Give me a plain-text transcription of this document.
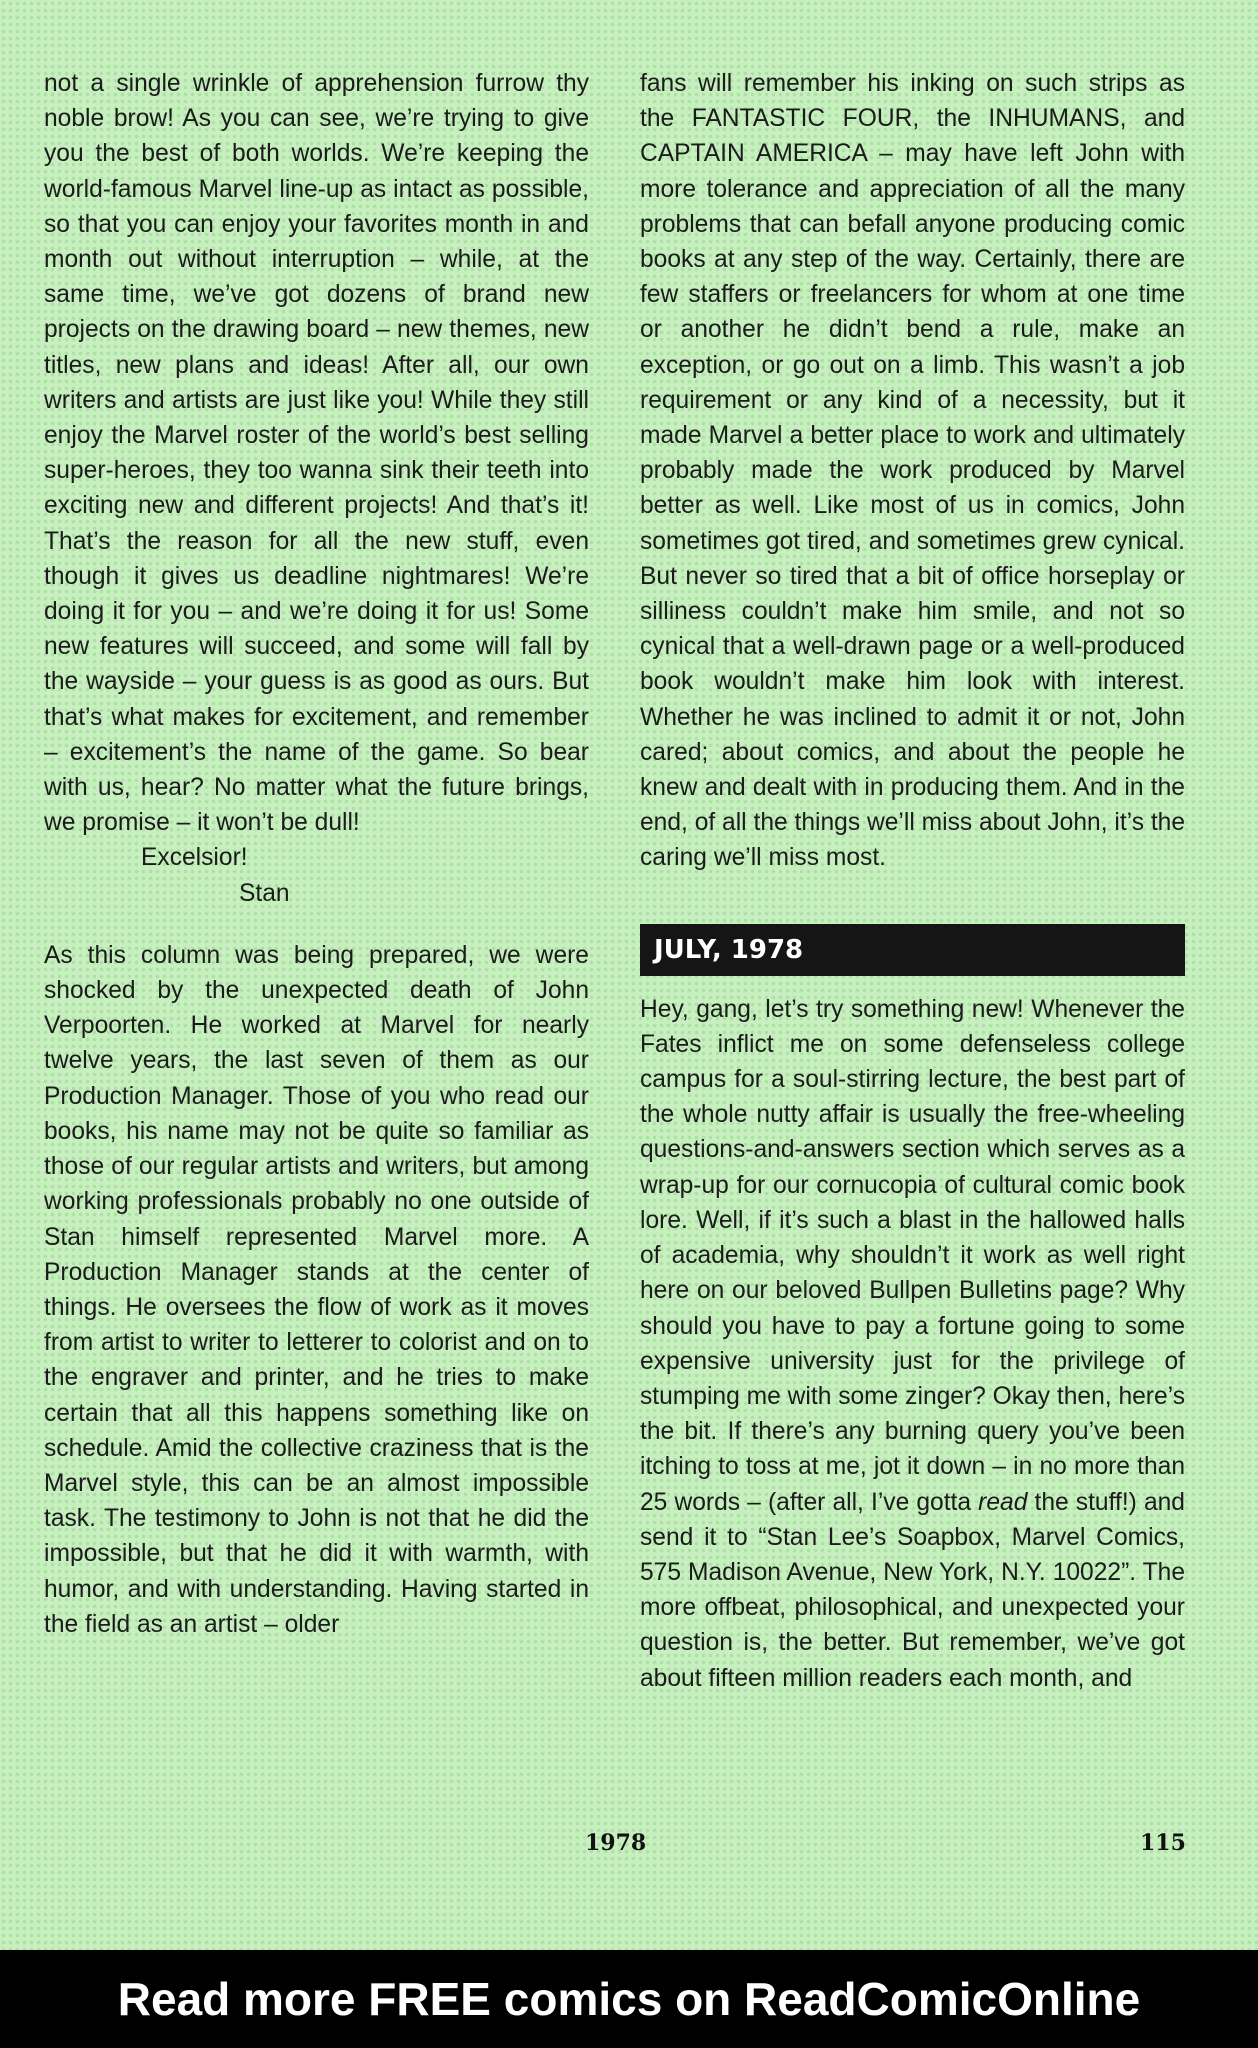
not a single wrinkle of apprehension furrow thy noble brow! As you can see, we’re trying to give you the best of both worlds. We’re keeping the world-famous Marvel line-up as intact as possible, so that you can enjoy your favorites month in and month out without interruption – while, at the same time, we’ve got dozens of brand new projects on the drawing board – new themes, new titles, new plans and ideas! After all, our own writers and artists are just like you! While they still enjoy the Marvel roster of the world’s best selling super-heroes, they too wanna sink their teeth into exciting new and different projects! And that’s it! That’s the reason for all the new stuff, even though it gives us deadline nightmares! We’re doing it for you – and we’re doing it for us! Some new features will succeed, and some will fall by the wayside – your guess is as good as ours. But that’s what makes for excitement, and remember – excitement’s the name of the game. So bear with us, hear? No matter what the future brings, we promise – it won’t be dull!

Excelsior!

Stan

As this column was being prepared, we were shocked by the unexpected death of John Verpoorten. He worked at Marvel for nearly twelve years, the last seven of them as our Production Manager. Those of you who read our books, his name may not be quite so familiar as those of our regular artists and writers, but among working professionals probably no one outside of Stan himself represented Marvel more. A Production Manager stands at the center of things. He oversees the flow of work as it moves from artist to writer to letterer to colorist and on to the engraver and printer, and he tries to make certain that all this happens something like on schedule. Amid the collective craziness that is the Marvel style, this can be an almost impossible task. The testimony to John is not that he did the impossible, but that he did it with warmth, with humor, and with understanding. Having started in the field as an artist – older

fans will remember his inking on such strips as the FANTASTIC FOUR, the INHUMANS, and CAPTAIN AMERICA – may have left John with more tolerance and appreciation of all the many problems that can befall anyone producing comic books at any step of the way. Certainly, there are few staffers or freelancers for whom at one time or another he didn’t bend a rule, make an exception, or go out on a limb. This wasn’t a job requirement or any kind of a necessity, but it made Marvel a better place to work and ultimately probably made the work produced by Marvel better as well. Like most of us in comics, John sometimes got tired, and sometimes grew cynical. But never so tired that a bit of office horseplay or silliness couldn’t make him smile, and not so cynical that a well-drawn page or a well-produced book wouldn’t make him look with interest. Whether he was inclined to admit it or not, John cared; about comics, and about the people he knew and dealt with in producing them. And in the end, of all the things we’ll miss about John, it’s the caring we’ll miss most.

JULY, 1978

Hey, gang, let’s try something new! Whenever the Fates inflict me on some defenseless college campus for a soul-stirring lecture, the best part of the whole nutty affair is usually the free-wheeling questions-and-answers section which serves as a wrap-up for our cornucopia of cultural comic book lore. Well, if it’s such a blast in the hallowed halls of academia, why shouldn’t it work as well right here on our beloved Bullpen Bulletins page? Why should you have to pay a fortune going to some expensive university just for the privilege of stumping me with some zinger? Okay then, here’s the bit. If there’s any burning query you’ve been itching to toss at me, jot it down – in no more than 25 words – (after all, I’ve gotta read the stuff!) and send it to “Stan Lee’s Soapbox, Marvel Comics, 575 Madison Avenue, New York, N.Y. 10022”. The more offbeat, philosophical, and unexpected your question is, the better. But remember, we’ve got about fifteen million readers each month, and

1978	115
Read more FREE comics on ReadComicOnline
